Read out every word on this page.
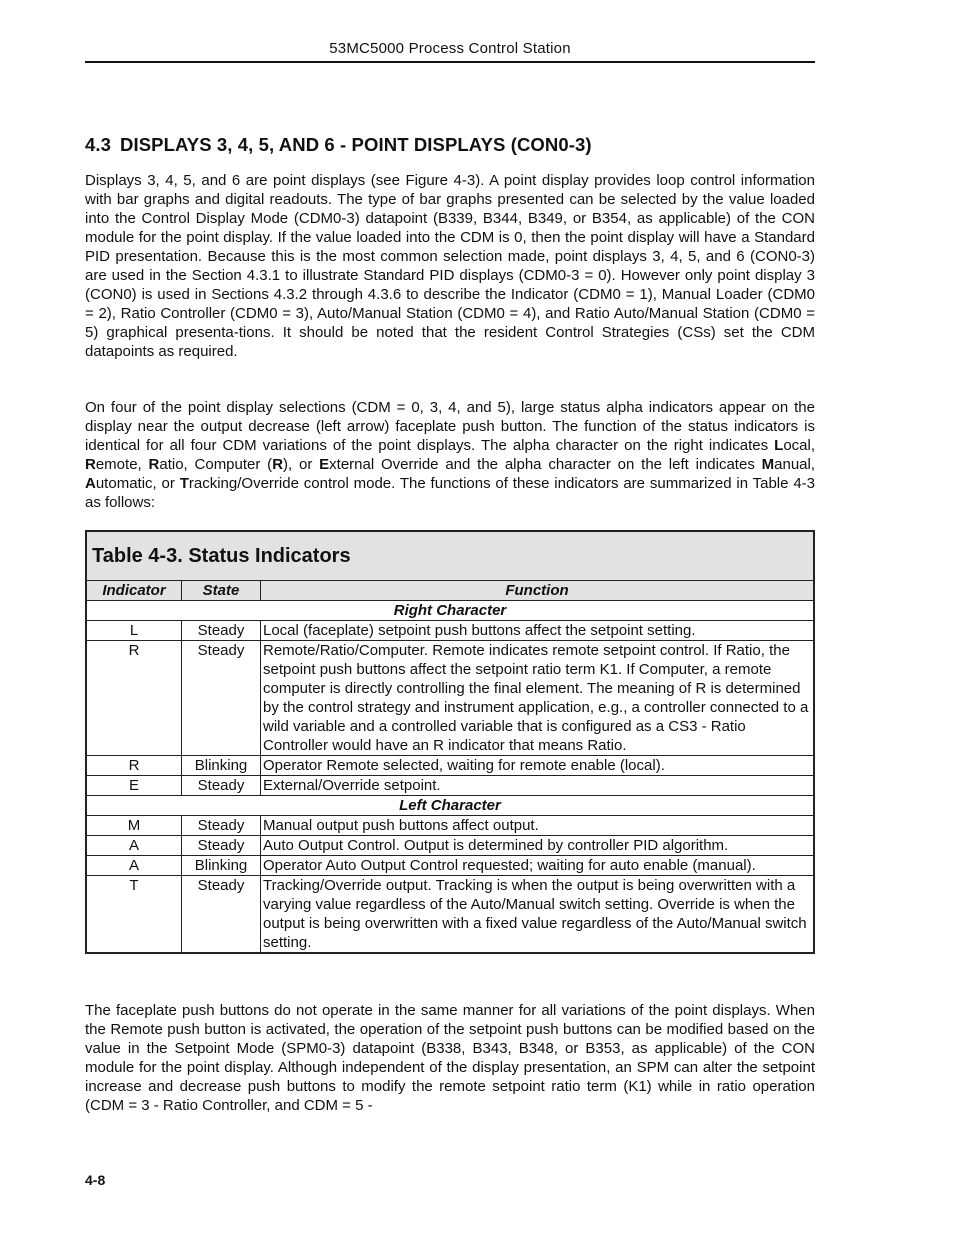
53MC5000 Process Control Station
4.3 DISPLAYS 3, 4, 5, AND 6 - POINT DISPLAYS (CON0-3)

Displays 3, 4, 5, and 6 are point displays (see Figure 4-3). A point display provides loop control information with bar graphs and digital readouts. The type of bar graphs presented can be selected by the value loaded into the Control Display Mode (CDM0-3) datapoint (B339, B344, B349, or B354, as applicable) of the CON module for the point display. If the value loaded into the CDM is 0, then the point display will have a Standard PID presentation. Because this is the most common selection made, point displays 3, 4, 5, and 6 (CON0-3) are used in the Section 4.3.1 to illustrate Standard PID displays (CDM0-3 = 0). However only point display 3 (CON0) is used in Sections 4.3.2 through 4.3.6 to describe the Indicator (CDM0 = 1), Manual Loader (CDM0 = 2), Ratio Controller (CDM0 = 3), Auto/Manual Station (CDM0 = 4), and Ratio Auto/Manual Station (CDM0 = 5) graphical presenta-tions. It should be noted that the resident Control Strategies (CSs) set the CDM datapoints as required.

On four of the point display selections (CDM = 0, 3, 4, and 5), large status alpha indicators appear on the display near the output decrease (left arrow) faceplate push button. The function of the status indicators is identical for all four CDM variations of the point displays. The alpha character on the right indicates Local, Remote, Ratio, Computer (R), or External Override and the alpha character on the left indicates Manual, Automatic, or Tracking/Override control mode. The functions of these indicators are summarized in Table 4-3 as follows:

Table 4-3. Status Indicators		
Indicator	State	Function
Right Character		
L	Steady	Local (faceplate) setpoint push buttons affect the setpoint setting.
R	Steady	Remote/Ratio/Computer. Remote indicates remote setpoint control. If Ratio, the setpoint push buttons affect the setpoint ratio term K1. If Computer, a remote computer is directly controlling the final element. The meaning of R is determined by the control strategy and instrument application, e.g., a controller connected to a wild variable and a controlled variable that is configured as a CS3 - Ratio Controller would have an R indicator that means Ratio.
R	Blinking	Operator Remote selected, waiting for remote enable (local).
E	Steady	External/Override setpoint.
Left Character		
M	Steady	Manual output push buttons affect output.
A	Steady	Auto Output Control. Output is determined by controller PID algorithm.
A	Blinking	Operator Auto Output Control requested; waiting for auto enable (manual).
T	Steady	Tracking/Override output. Tracking is when the output is being overwritten with a varying value regardless of the Auto/Manual switch setting. Override is when the output is being overwritten with a fixed value regardless of the Auto/Manual switch setting.

The faceplate push buttons do not operate in the same manner for all variations of the point displays. When the Remote push button is activated, the operation of the setpoint push buttons can be modified based on the value in the Setpoint Mode (SPM0-3) datapoint (B338, B343, B348, or B353, as applicable) of the CON module for the point display. Although independent of the display presentation, an SPM can alter the setpoint increase and decrease push buttons to modify the remote setpoint ratio term (K1) while in ratio operation (CDM = 3 - Ratio Controller, and CDM = 5 -

4-8
